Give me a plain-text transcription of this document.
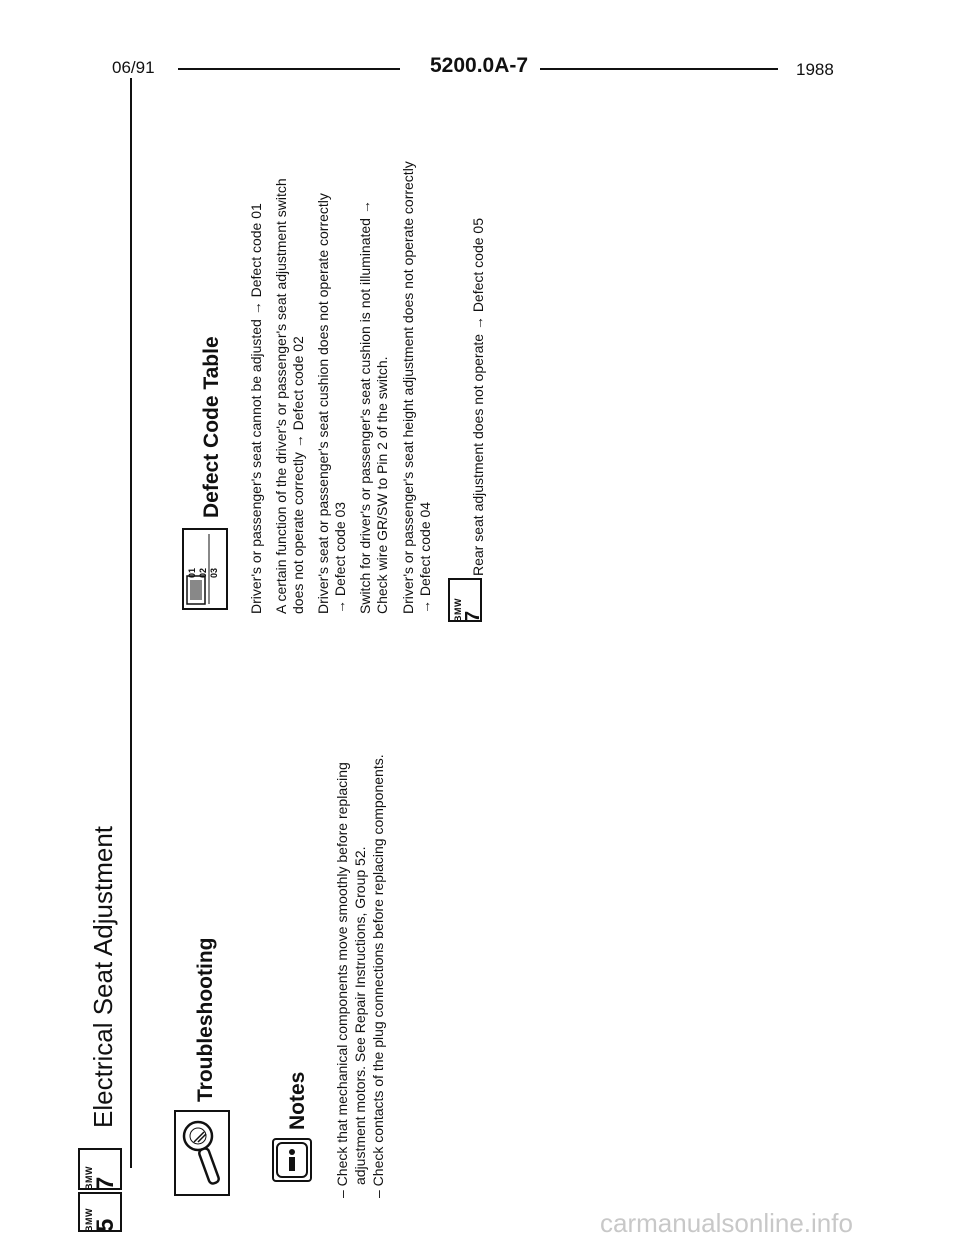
06/91	5200.0A-7	1988
BMW
5
BMW
7
Electrical Seat Adjustment	Troubleshooting	Notes – Check that mechanical components move smoothly before replacing adjustment motors. See Repair Instructions, Group 52. – Check contacts of the plug connections before replacing components.
01 02 03
Defect Code Table Driver's or passenger's seat cannot be adjusted → Defect code 01 A certain function of the driver's or passenger's seat adjustment switch does not operate correctly → Defect code 02 Driver's seat or passenger's seat cushion does not operate correctly → Defect code 03 Switch for driver's or passenger's seat cushion is not illuminated → Check wire GR/SW to Pin 2 of the switch. Driver's or passenger's seat height adjustment does not operate correctly → Defect code 04 BMW 7
Rear seat adjustment does not operate → Defect code 05
carmanualsonline.info
